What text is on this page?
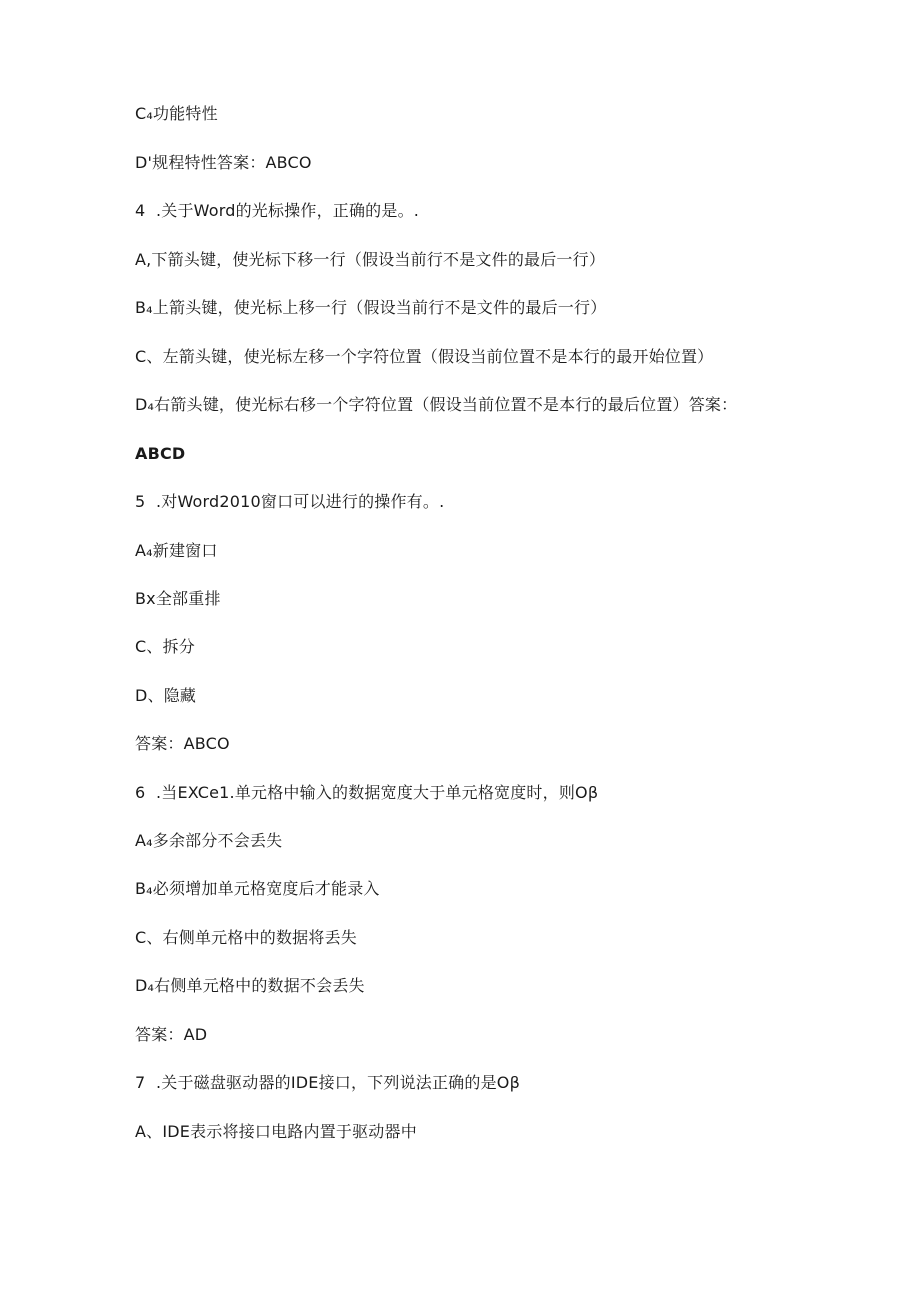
C₄功能特性
D'规程特性答案：ABCO
4  .关于Word的光标操作，正确的是。.
A,下箭头键，使光标下移一行（假设当前行不是文件的最后一行）
B₄上箭头键，使光标上移一行（假设当前行不是文件的最后一行）
C、左箭头键，使光标左移一个字符位置（假设当前位置不是本行的最开始位置）
D₄右箭头键，使光标右移一个字符位置（假设当前位置不是本行的最后位置）答案：
ABCD
5  .对Word2010窗口可以进行的操作有。.
A₄新建窗口
Bx全部重排
C、拆分
D、隐藏
答案：ABCO
6  .当EXCe1.单元格中输入的数据宽度大于单元格宽度时，则Oβ
A₄多余部分不会丢失
B₄必须增加单元格宽度后才能录入
C、右侧单元格中的数据将丢失
D₄右侧单元格中的数据不会丢失
答案：AD
7  .关于磁盘驱动器的IDE接口，下列说法正确的是Oβ
A、IDE表示将接口电路内置于驱动器中
